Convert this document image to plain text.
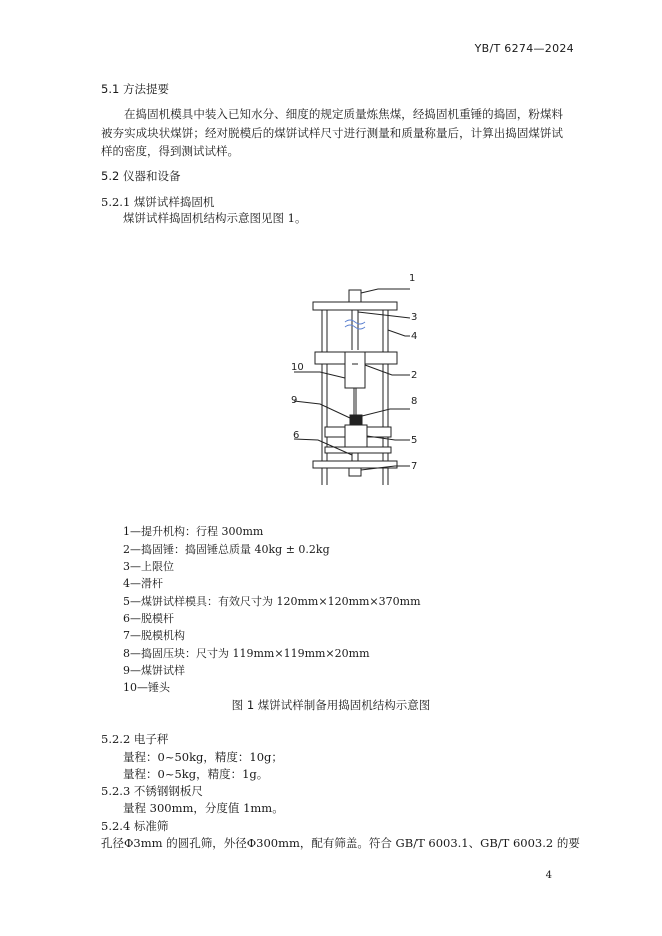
YB/T 6274—2024
5.1 方法提要
在捣固机模具中装入已知水分、细度的规定质量炼焦煤，经捣固机重锤的捣固，粉煤料被夯实成块状煤饼；经对脱模后的煤饼试样尺寸进行测量和质量称量后，计算出捣固煤饼试样的密度，得到测试试样。
5.2 仪器和设备
5.2.1 煤饼试样捣固机
煤饼试样捣固机结构示意图见图 1。
1
3
4
2
10
9	8
5
6
7
1—提升机构：行程 300mm
2—捣固锤：捣固锤总质量 40kg ± 0.2kg
3—上限位
4—滑杆
5—煤饼试样模具：有效尺寸为 120mm×120mm×370mm
6—脱模杆
7—脱模机构
8—捣固压块：尺寸为 119mm×119mm×20mm
9—煤饼试样
10—锤头
图 1 煤饼试样制备用捣固机结构示意图
5.2.2 电子秤
量程：0~50kg，精度：10g；
量程：0~5kg，精度：1g。
5.2.3 不锈钢钢板尺
量程 300mm，分度值 1mm。
5.2.4 标准筛
孔径Φ3mm 的圆孔筛，外径Φ300mm，配有筛盖。符合 GB/T 6003.1、GB/T 6003.2 的要
4
